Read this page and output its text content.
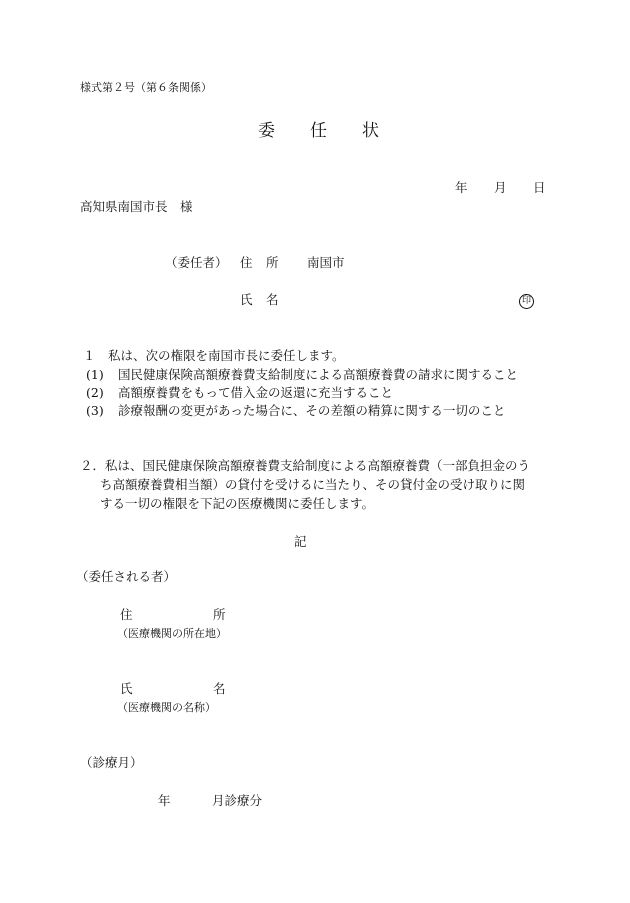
様式第２号（第６条関係）
委 任 状
年 月 日
高知県南国市長　様
（委任者） 住 所 南国市
氏 名	印
１　私は、次の権限を南国市長に委任します。
(1) 国民健康保険高額療養費支給制度による高額療養費の請求に関すること
(2) 高額療養費をもって借入金の返還に充当すること
(3) 診療報酬の変更があった場合に、その差額の精算に関する一切のこと
２．私は、国民健康保険高額療養費支給制度による高額療養費（一部負担金のう
ち高額療養費相当額）の貸付を受けるに当たり、その貸付金の受け取りに関
する一切の権限を下記の医療機関に委任します。
記
（委任される者）
住	所
（医療機関の所在地）
氏	名
（医療機関の名称）
（診療月）
年	月診療分
